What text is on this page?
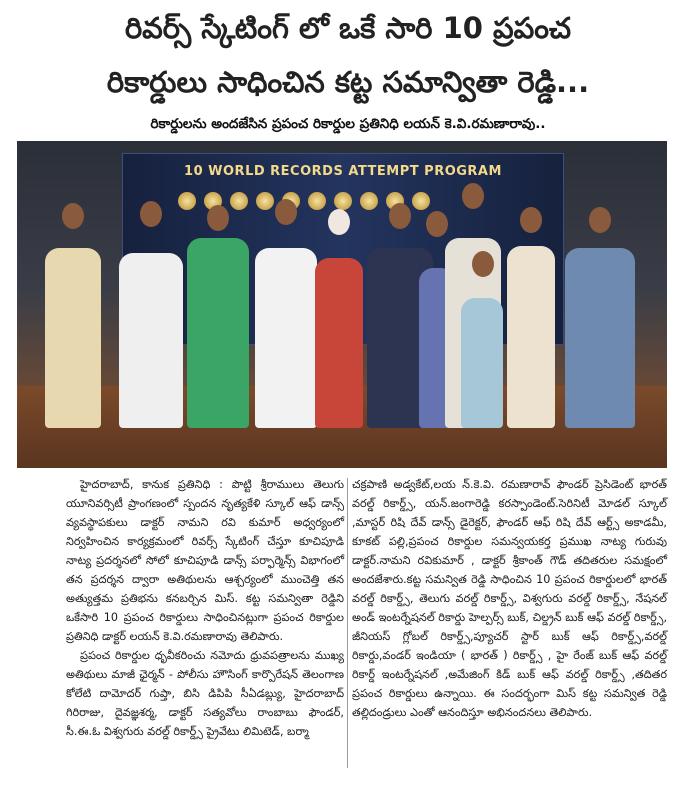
రివర్స్ స్కేటింగ్ లో ఒకే సారి 10 ప్రపంచ
రికార్డులు సాధించిన కట్ట సమాన్వితా రెడ్డి...
రికార్డులను అందజేసిన ప్రపంచ రికార్డుల ప్రతినిధి లయన్ కె.వి.రమణారావు..
10 WORLD RECORDS ATTEMPT PROGRAM

హైదరాబాద్, కానుక ప్రతినిధి : పొట్టి శ్రీరాములు తెలుగు యూనివర్సిటీ ప్రాంగణంలో స్పందన నృత్యకేళి స్కూల్ ఆఫ్ డాన్స్ వ్యవస్థాపకులు డాక్టర్ నామని రవి కుమార్ అధ్వర్యంలో నిర్వహించిన కార్యక్రమంలో రివర్స్ స్కేటింగ్ చేస్తూ కూచిపూడి నాట్య ప్రదర్శనలో సోలో కూచిపూడి డాన్స్ పర్ఫార్మెన్స్ విభాగంలో తన ప్రదర్శన ద్వారా అతిథులను ఆశ్చర్యంలో ముంచెత్తి తన అత్యుత్తమ ప్రతిభను కనబర్చిన మిస్. కట్ట సమన్వితా రెడ్డిని ఒకేసారి 10 ప్రపంచ రికార్డులు సాధించినట్లుగా ప్రపంచ రికార్డుల ప్రతినిధి డాక్టర్ లయన్ కె.వి.రమణారావు తెలిపారు.

ప్రపంచ రికార్డుల ధృవీకరించు నమోదు ధ్రువపత్రాలను ముఖ్య అతిథులు మాజీ ఛైర్మన్ - పోలీసు హౌసింగ్ కార్పొరేషన్ తెలంగాణ కోలేటి దామోదర్ గుప్తా, బిసి డిపిపి సీఏడబ్ల్యు, హైదరాబాద్ గిరిరాజు, దైవజ్ఞశర్మ, డాక్టర్ సత్యవోలు రాంబాబు ఫౌండర్, సీ.ఈ.ఓ విశ్వగురు వరల్డ్ రికార్డ్స్ ప్రైవేటు లిమిటెడ్, బర్మా

చక్రపాణి అడ్వకేట్,లయ న్.కె.వి. రమణారావ్ ఫౌండర్ ప్రెసిడెంట్ భారత్ వరల్డ్ రికార్డ్స్, యన్.జంగారెడ్డి కరస్పాండెంట్.సెరినిటీ మోడల్ స్కూల్ ,మాస్టర్ రిషి దేవ్ డాన్స్ డైరెక్టర్, ఫౌండర్ ఆఫ్ రిషి దేవ్ ఆర్ట్స్ అకాడమీ, కూకట్ పల్లి,ప్రపంచ రికార్డుల సమన్వయకర్త ప్రముఖ నాట్య గురువు డాక్టర్.నామని రవికుమార్ , డాక్టర్ శ్రీకాంత్ గౌడ్ తదితరుల సమక్షంలో అందజేశారు.కట్ట సమన్విత రెడ్డి సాధించిన 10 ప్రపంచ రికార్డులలో భారత్ వరల్డ్ రికార్డ్స్, తెలుగు వరల్డ్ రికార్డ్స్, విశ్వగురు వరల్డ్ రికార్డ్స్, నేషనల్ అండ్ ఇంటర్నేషనల్ రికార్డు హెల్పర్స్ బుక్, చిల్డ్రన్ బుక్ ఆఫ్ వరల్డ్ రికార్డ్స్, జీనియస్ గ్లోబల్ రికార్డ్స్,ప్యూచర్ స్టార్ బుక్ ఆఫ్ రికార్డ్స్,వరల్డ్ రికార్డు,వండర్ ఇండియా ( భారత్ ) రికార్డ్స్ , హై రేంజ్ బుక్ ఆఫ్ వరల్డ్ రికార్డ్ ఇంటర్నేషనల్ ,అమేజింగ్ కిడ్ బుక్ ఆఫ్ వరల్డ్ రికార్డ్స్ ,తదితర ప్రపంచ రికార్డులు ఉన్నాయి. ఈ సందర్భంగా మిస్ కట్ట సమన్విత రెడ్డి తల్లిదండ్రులు ఎంతో ఆనందిస్తూ అభినందనలు తెలిపారు.
